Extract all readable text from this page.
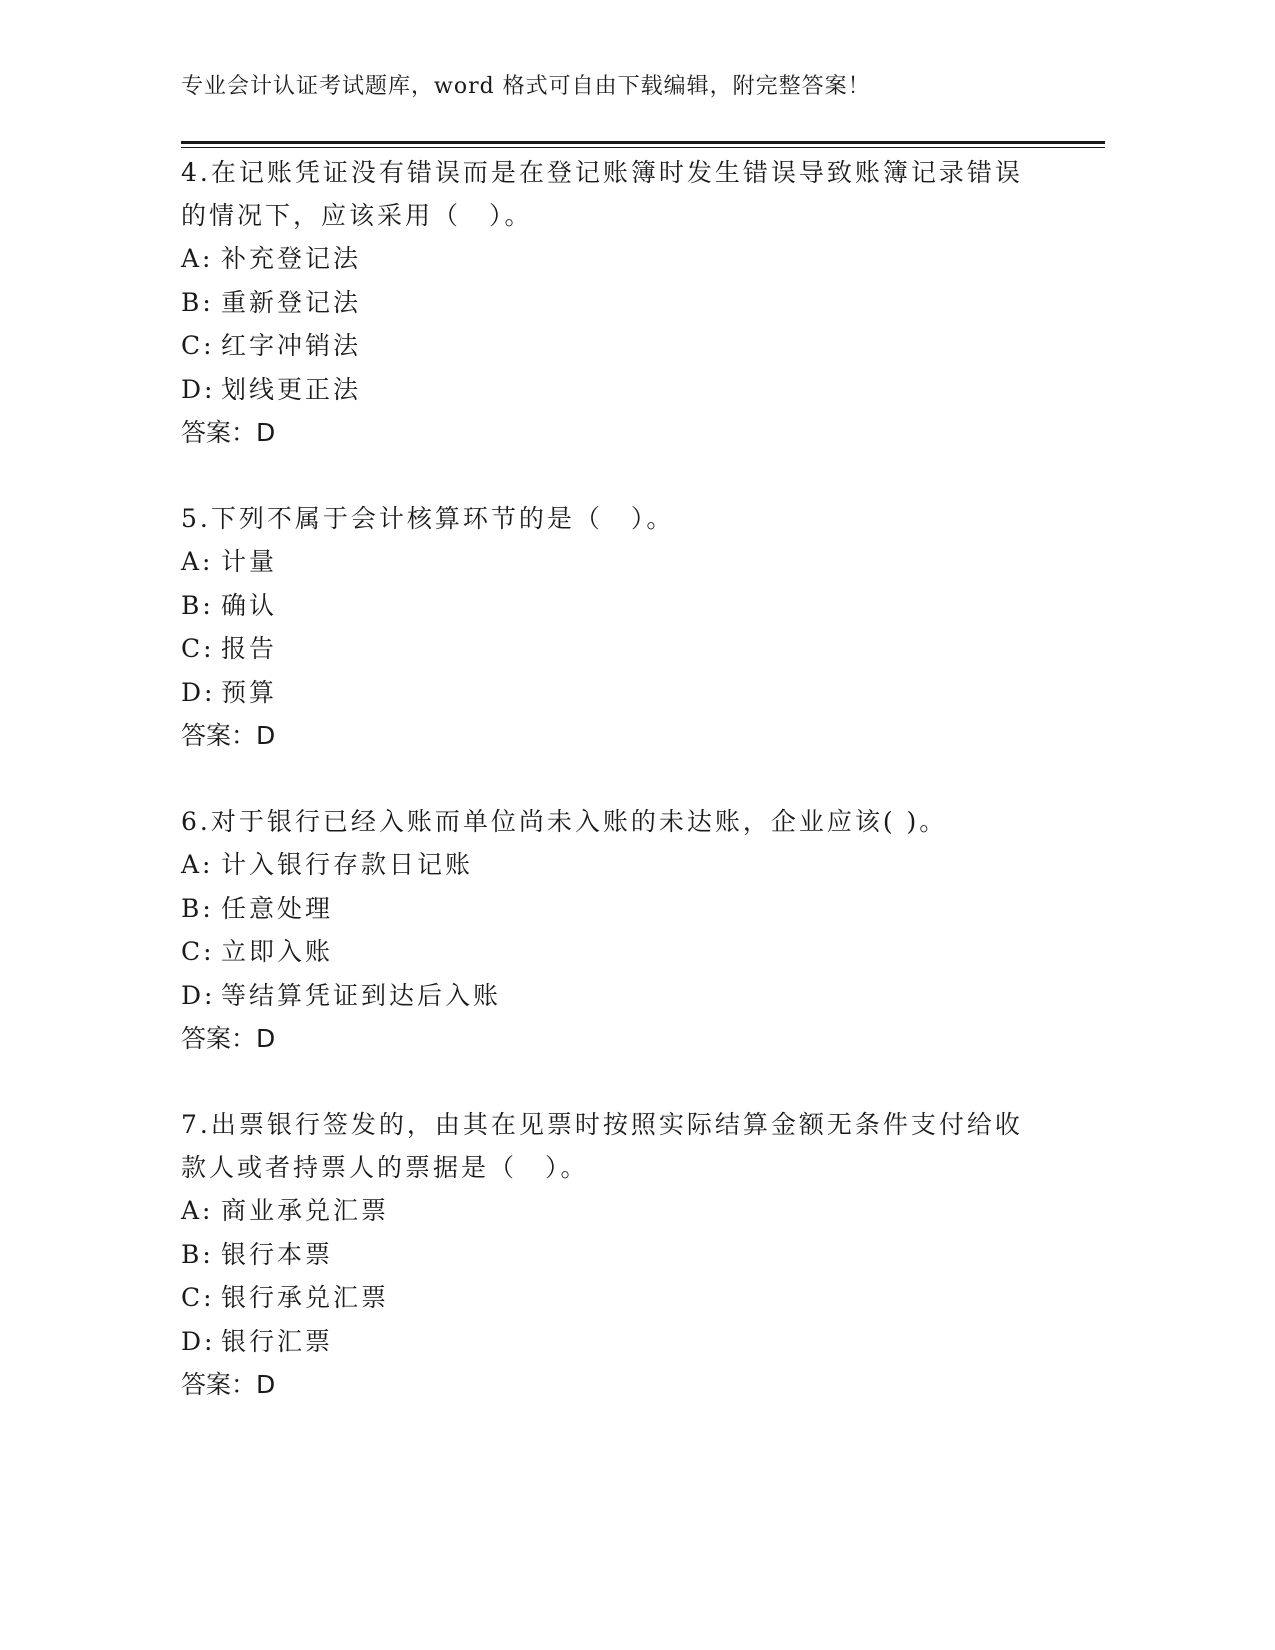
专业会计认证考试题库，word 格式可自由下载编辑，附完整答案！

4.在记账凭证没有错误而是在登记账簿时发生错误导致账簿记录错误的情况下，应该采用（　）。

A: 补充登记法

B: 重新登记法

C: 红字冲销法

D: 划线更正法

答案：D

5.下列不属于会计核算环节的是（　）。

A: 计量

B: 确认

C: 报告

D: 预算

答案：D

6.对于银行已经入账而单位尚未入账的未达账，企业应该( )。

A: 计入银行存款日记账

B: 任意处理

C: 立即入账

D: 等结算凭证到达后入账

答案：D

7.出票银行签发的，由其在见票时按照实际结算金额无条件支付给收款人或者持票人的票据是（　）。

A: 商业承兑汇票

B: 银行本票

C: 银行承兑汇票

D: 银行汇票

答案：D
